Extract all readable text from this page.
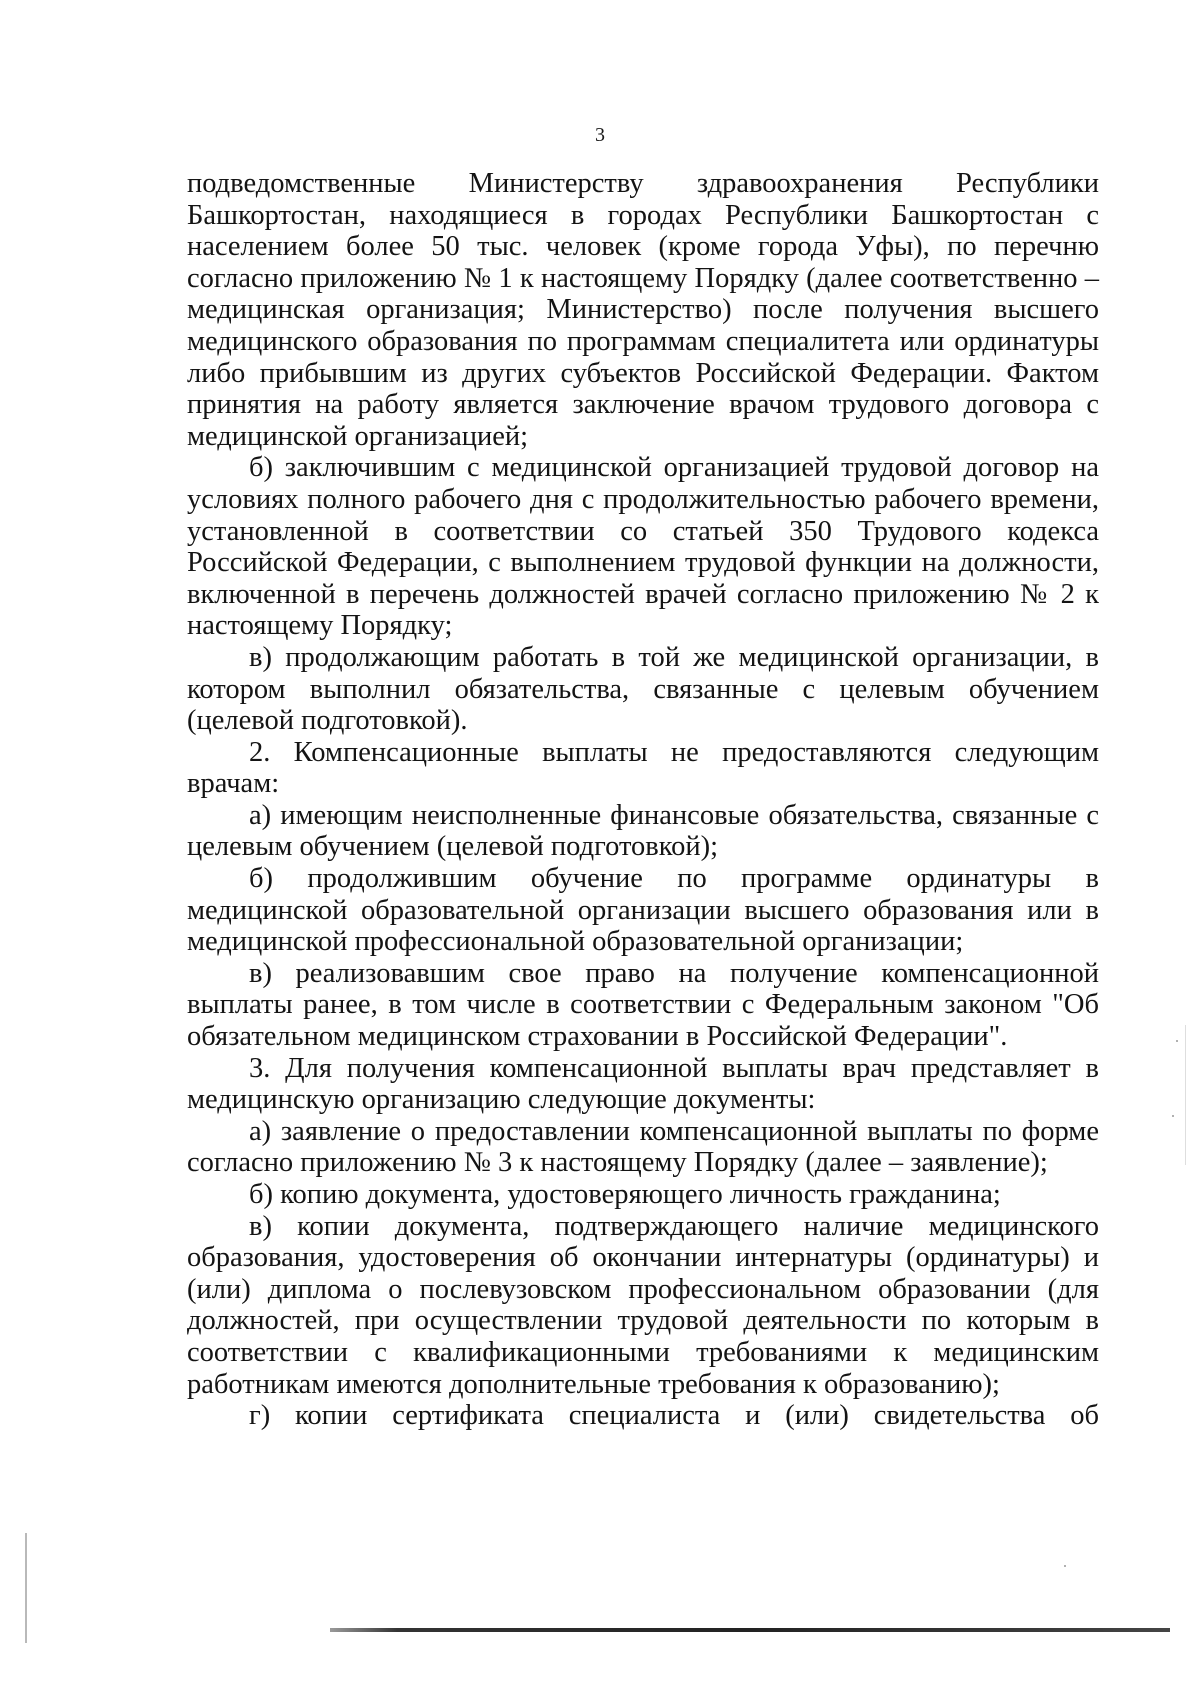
3

подведомственные Министерству здравоохранения Республики Башкортостан, находящиеся в городах Республики Башкортостан с населением более 50 тыс. человек (кроме города Уфы), по перечню согласно приложению № 1 к настоящему Порядку (далее соответственно – медицинская организация; Министерство) после получения высшего медицинского образования по программам специалитета или ординатуры либо прибывшим из других субъектов Российской Федерации. Фактом принятия на работу является заключение врачом трудового договора с медицинской организацией;

б) заключившим с медицинской организацией трудовой договор на условиях полного рабочего дня с продолжительностью рабочего времени, установленной в соответствии со статьей 350 Трудового кодекса Российской Федерации, с выполнением трудовой функции на должности, включенной в перечень должностей врачей согласно приложению № 2 к настоящему Порядку;

в) продолжающим работать в той же медицинской организации, в котором выполнил обязательства, связанные с целевым обучением (целевой подготовкой).

2. Компенсационные выплаты не предоставляются следующим врачам:

а) имеющим неисполненные финансовые обязательства, связанные с целевым обучением (целевой подготовкой);

б) продолжившим обучение по программе ординатуры в медицинской образовательной организации высшего образования или в медицинской профессиональной образовательной организации;

в) реализовавшим свое право на получение компенсационной выплаты ранее, в том числе в соответствии с Федеральным законом "Об обязательном медицинском страховании в Российской Федерации".

3. Для получения компенсационной выплаты врач представляет в медицинскую организацию следующие документы:

а) заявление о предоставлении компенсационной выплаты по форме согласно приложению № 3 к настоящему Порядку (далее – заявление);

б) копию документа, удостоверяющего личность гражданина;

в) копии документа, подтверждающего наличие медицинского образования, удостоверения об окончании интернатуры (ординатуры) и (или) диплома о послевузовском профессиональном образовании (для должностей, при осуществлении трудовой деятельности по которым в соответствии с квалификационными требованиями к медицинским работникам имеются дополнительные требования к образованию);

г) копии сертификата специалиста и (или) свидетельства об
